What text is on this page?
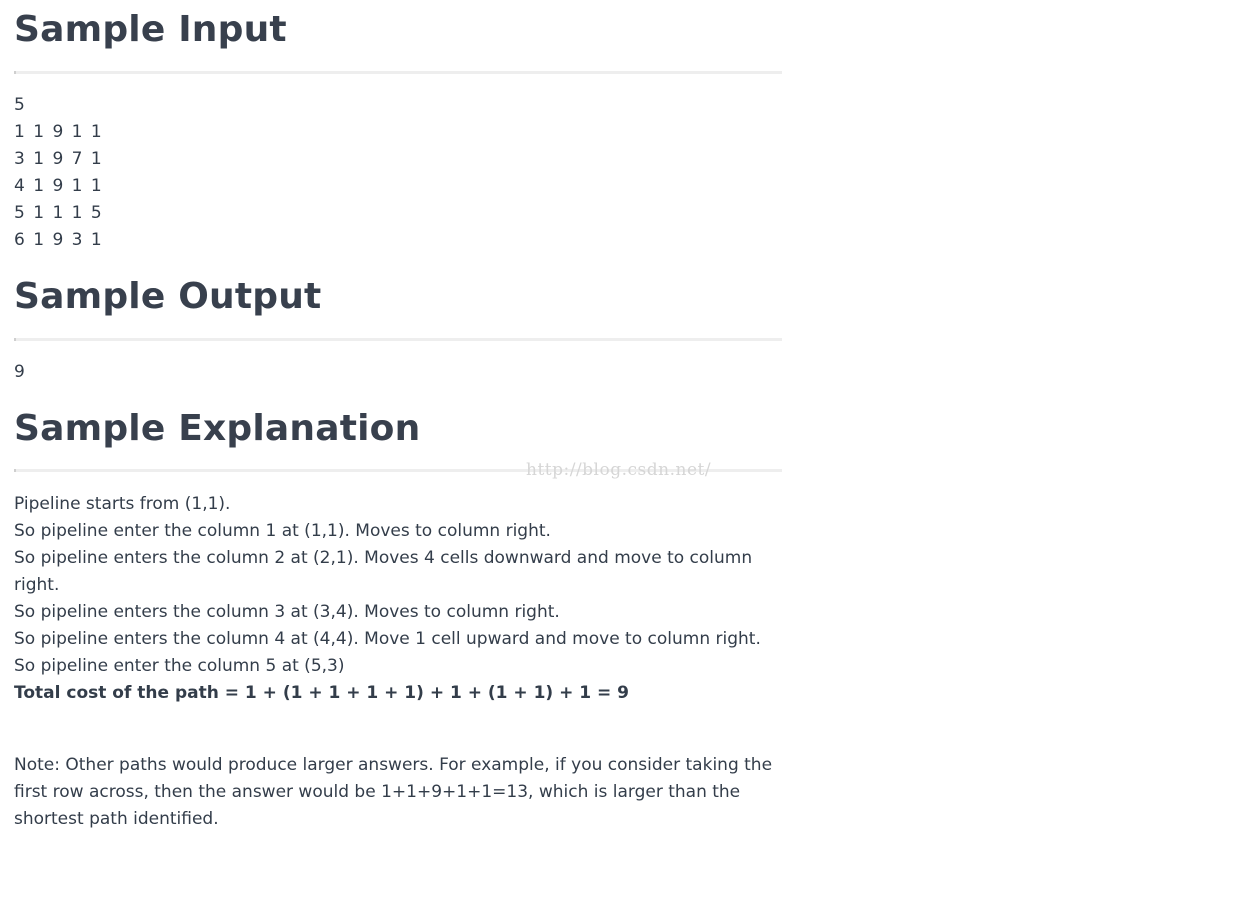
Sample Input
5
1 1 9 1 1
3 1 9 7 1
4 1 9 1 1
5 1 1 1 5
6 1 9 3 1
Sample Output
9
Sample Explanation
Pipeline starts from (1,1).
So pipeline enter the column 1 at (1,1). Moves to column right.
So pipeline enters the column 2 at (2,1). Moves 4 cells downward and move to column right.
So pipeline enters the column 3 at (3,4). Moves to column right.
So pipeline enters the column 4 at (4,4). Move 1 cell upward and move to column right.
So pipeline enter the column 5 at (5,3)
Total cost of the path = 1 + (1 + 1 + 1 + 1) + 1 + (1 + 1) + 1 = 9
Note: Other paths would produce larger answers. For example, if you consider taking the first row across, then the answer would be 1+1+9+1+1=13, which is larger than the shortest path identified.
http://blog.csdn.net/
